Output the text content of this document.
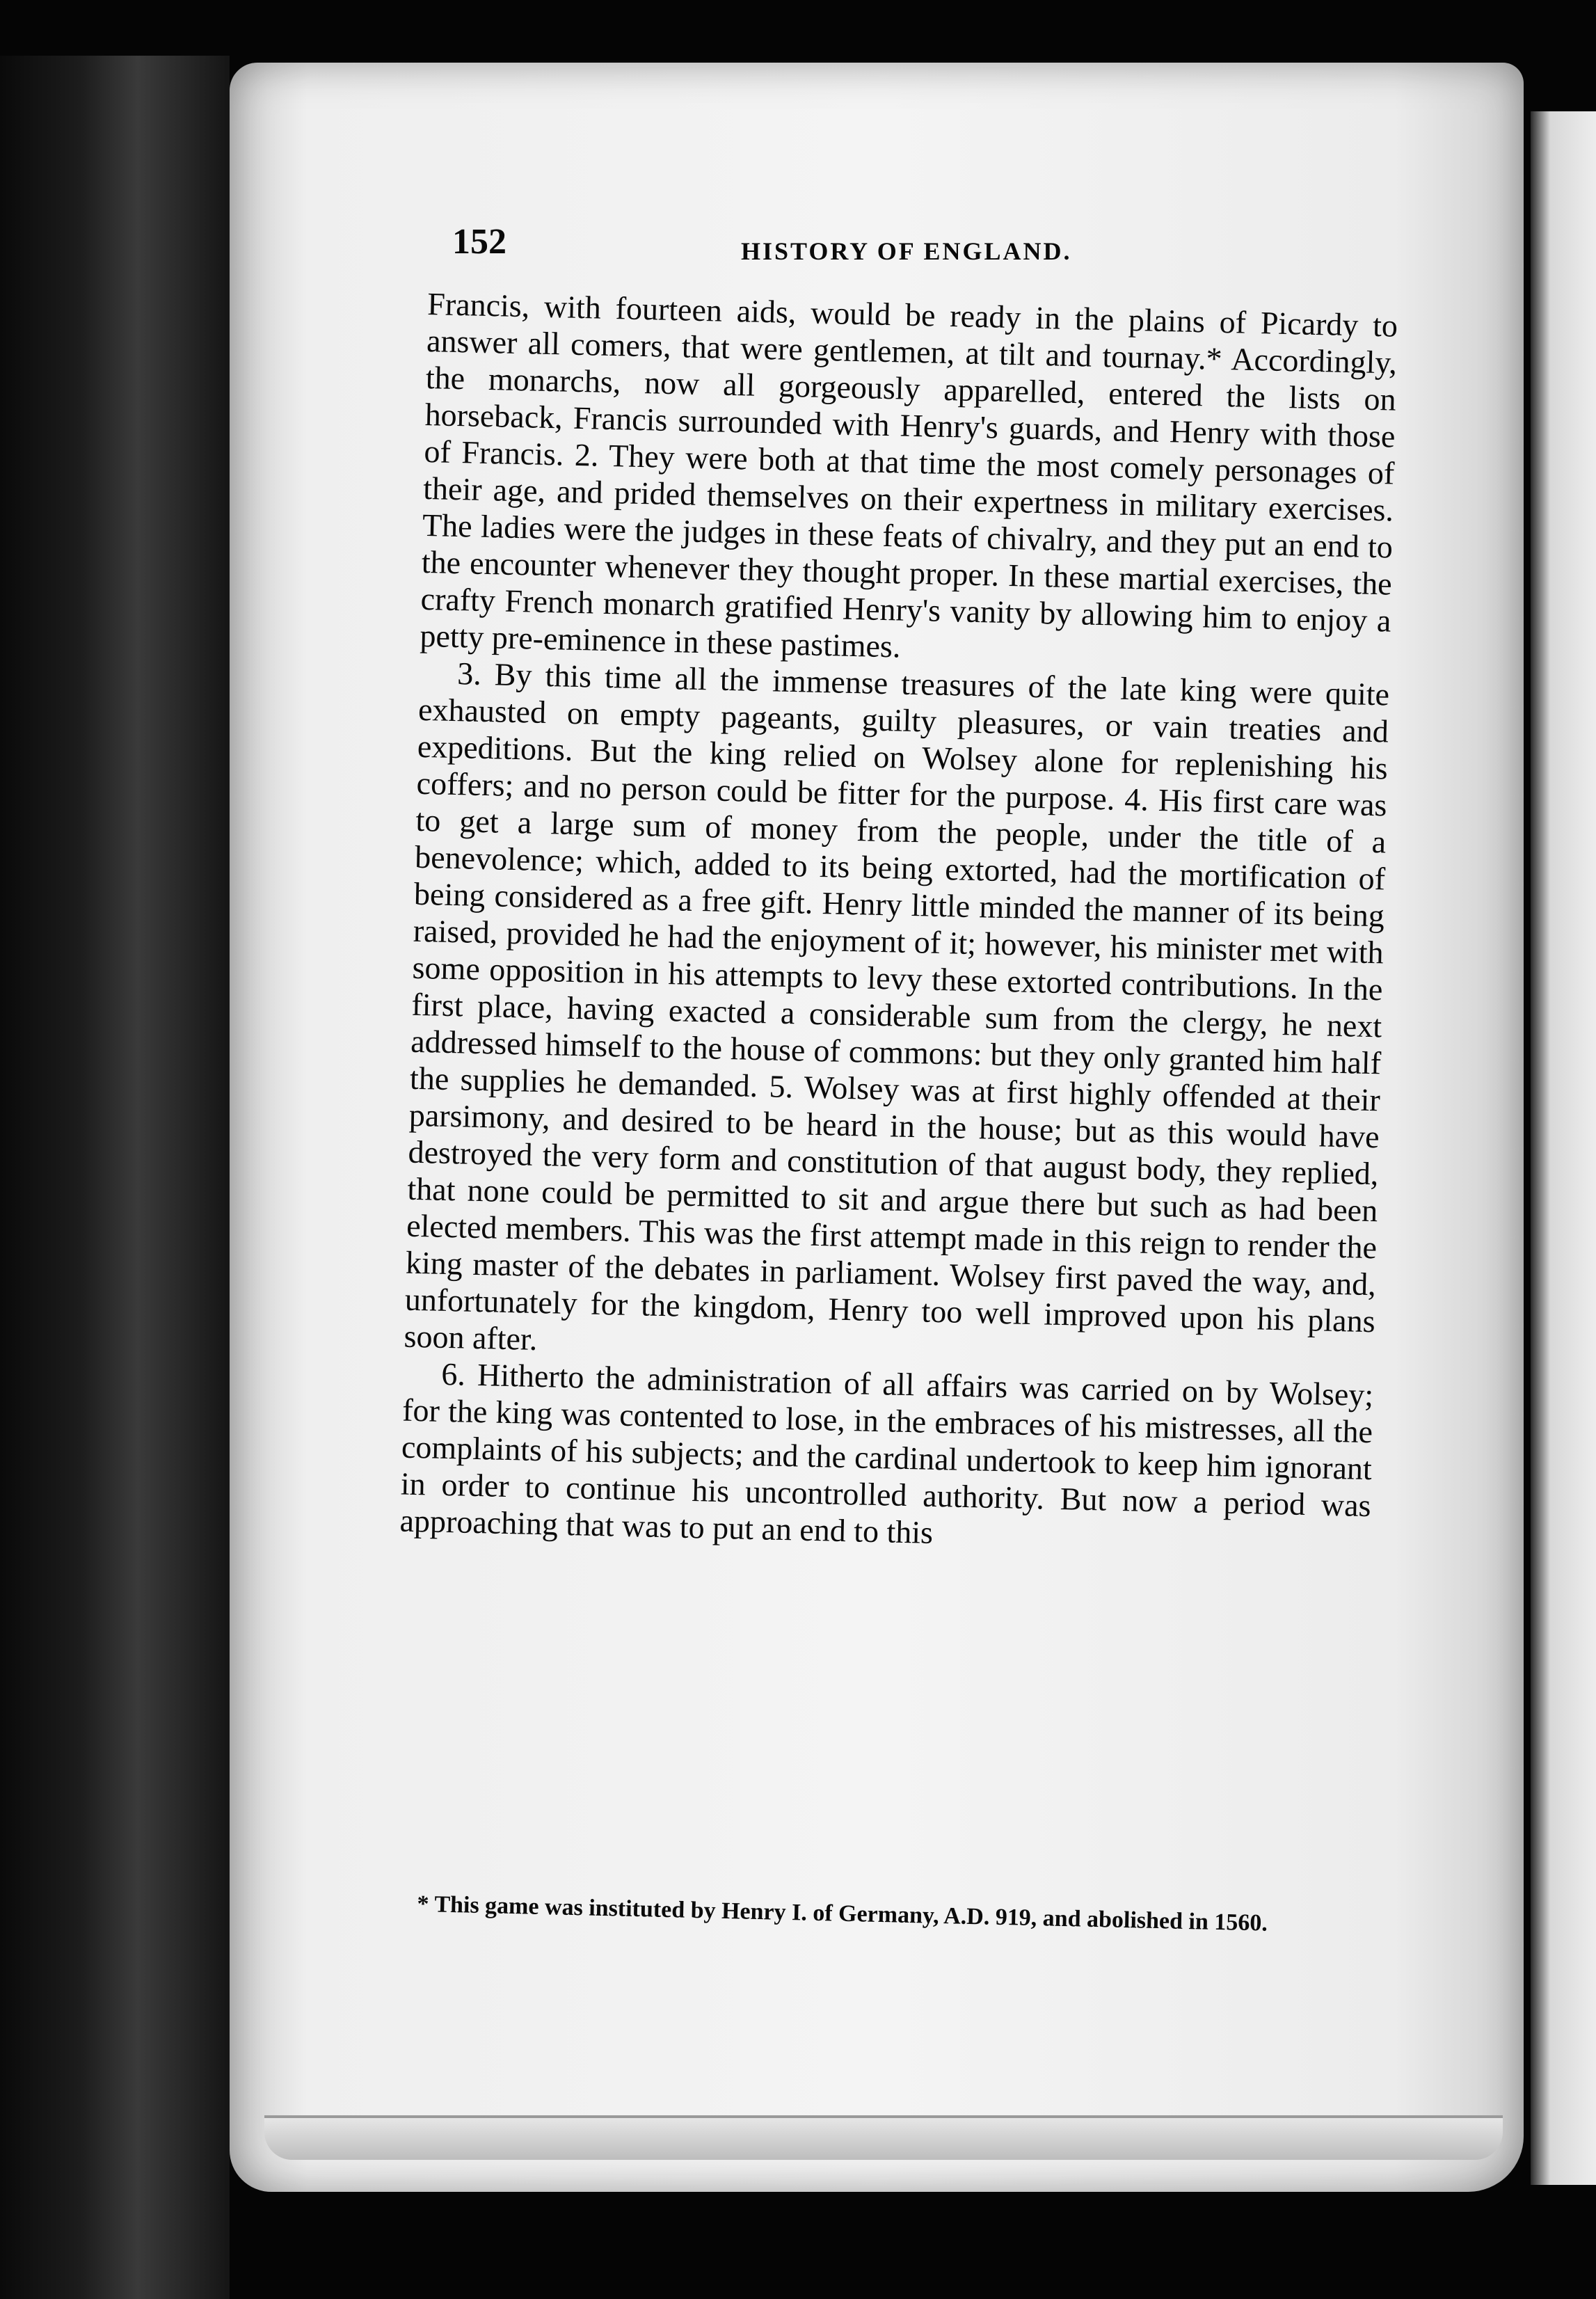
152	HISTORY OF ENGLAND.

Francis, with fourteen aids, would be ready in the plains of Picardy to answer all comers, that were gentlemen, at tilt and tournay.* Accordingly, the monarchs, now all gorgeously apparelled, entered the lists on horseback, Francis surrounded with Henry's guards, and Henry with those of Francis. 2. They were both at that time the most comely personages of their age, and prided themselves on their expertness in military exercises. The ladies were the judges in these feats of chivalry, and they put an end to the encounter whenever they thought proper. In these martial exercises, the crafty French monarch gratified Henry's vanity by allowing him to enjoy a petty pre-eminence in these pastimes.

3. By this time all the immense treasures of the late king were quite exhausted on empty pageants, guilty pleasures, or vain treaties and expeditions. But the king relied on Wolsey alone for replenishing his coffers; and no person could be fitter for the purpose. 4. His first care was to get a large sum of money from the people, under the title of a benevolence; which, added to its being extorted, had the mortification of being considered as a free gift. Henry little minded the manner of its being raised, provided he had the enjoyment of it; however, his minister met with some opposition in his attempts to levy these extorted contributions. In the first place, having exacted a considerable sum from the clergy, he next addressed himself to the house of commons: but they only granted him half the supplies he demanded. 5. Wolsey was at first highly offended at their parsimony, and desired to be heard in the house; but as this would have destroyed the very form and constitution of that august body, they replied, that none could be permitted to sit and argue there but such as had been elected members. This was the first attempt made in this reign to render the king master of the debates in parliament. Wolsey first paved the way, and, unfortunately for the kingdom, Henry too well improved upon his plans soon after.

6. Hitherto the administration of all affairs was carried on by Wolsey; for the king was contented to lose, in the embraces of his mistresses, all the complaints of his subjects; and the cardinal undertook to keep him ignorant in order to continue his uncontrolled authority. But now a period was approaching that was to put an end to this

* This game was instituted by Henry I. of Germany, A.D. 919, and abolished in 1560.
